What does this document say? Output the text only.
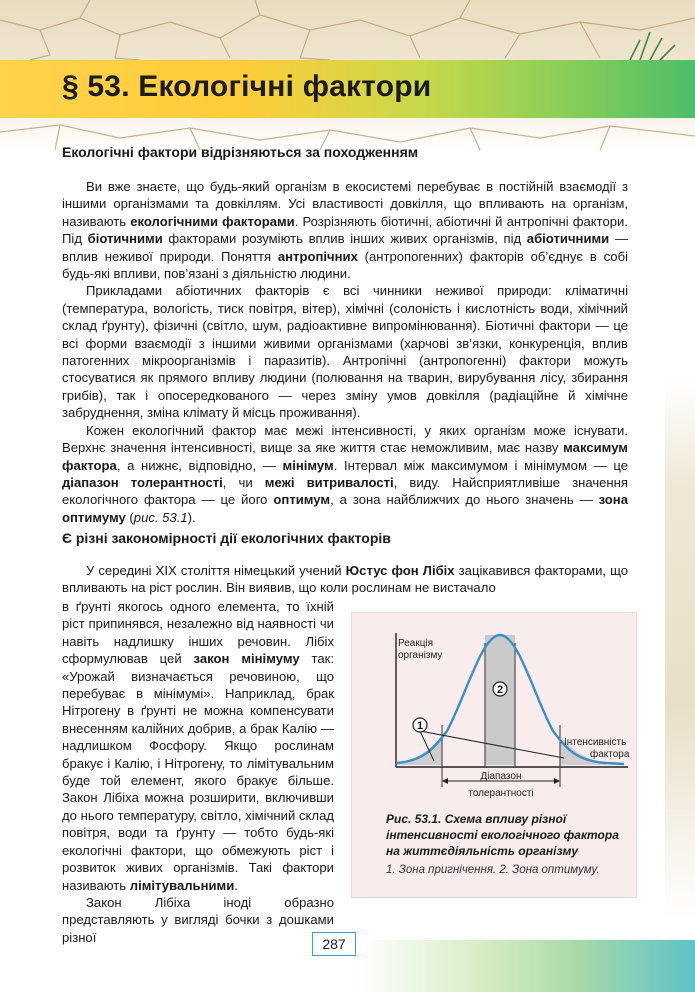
§ 53. Екологічні фактори
Екологічні фактори відрізняються за походженням

Ви вже знаєте, що будь-який організм в екосистемі перебуває в постійній взаємодії з іншими організмами та довкіллям. Усі властивості довкілля, що впливають на організм, називають екологічними факторами. Розрізняють біотичні, абіотичні й антропічні фактори. Під біотичними факторами розуміють вплив інших живих організмів, під абіотичними — вплив неживої природи. Поняття антропічних (антропогенних) факторів об’єднує в собі будь-які впливи, пов’язані з діяльністю людини.

Прикладами абіотичних факторів є всі чинники неживої природи: кліматичні (температура, вологість, тиск повітря, вітер), хімічні (солоність і кислотність води, хімічний склад ґрунту), фізичні (світло, шум, радіоактивне випромінювання). Біотичні фактори — це всі форми взаємодії з іншими живими організмами (харчові зв’язки, конкуренція, вплив патогенних мікроорганізмів і паразитів). Антропічні (антропогенні) фактори можуть стосуватися як прямого впливу людини (полювання на тварин, вирубування лісу, збирання грибів), так і опосередкованого — через зміну умов довкілля (радіаційне й хімічне забруднення, зміна клімату й місць проживання).

Кожен екологічний фактор має межі інтенсивності, у яких організм може існувати. Верхнє значення інтенсивності, вище за яке життя стає неможливим, має назву максимум фактора, а нижнє, відповідно, — мінімум. Інтервал між максимумом і мінімумом — це діапазон толерантності, чи межі витривалості, виду. Найсприятливіше значення екологічного фактора — це його оптимум, а зона найближчих до нього значень — зона оптимуму (рис. 53.1).

Є різні закономірності дії екологічних факторів

У середині XIX століття німецький учений Юстус фон Лібіх зацікавився факторами, що впливають на ріст рослин. Він виявив, що коли рослинам не вистачало

в ґрунті якогось одного елемента, то їхній ріст припинявся, незалежно від наявності чи навіть надлишку інших речовин. Лібіх сформулював цей закон мінімуму так: «Урожай визначається речовиною, що перебуває в мінімумі». Наприклад, брак Нітрогену в ґрунті не можна компенсувати внесенням калійних добрив, а брак Калію — надлишком Фосфору. Якщо рослинам бракує і Калію, і Нітрогену, то лімітувальним буде той елемент, якого бракує більше. Закон Лібіха можна розширити, включивши до нього температуру, світло, хімічний склад повітря, води та ґрунту — тобто будь-які екологічні фактори, що обмежують ріст і розвиток живих організмів. Такі фактори називають лімітувальними.

Закон Лібіха іноді образно представляють у вигляді бочки з дошками різної

1
2
Реакція
організму
Інтенсивність
фактора
Діапазон
толерантності
Рис. 53.1. Схема впливу різної інтенсивності екологічного фактора на життєдіяльність організму
1. Зона пригнічення. 2. Зона оптимуму.
287
